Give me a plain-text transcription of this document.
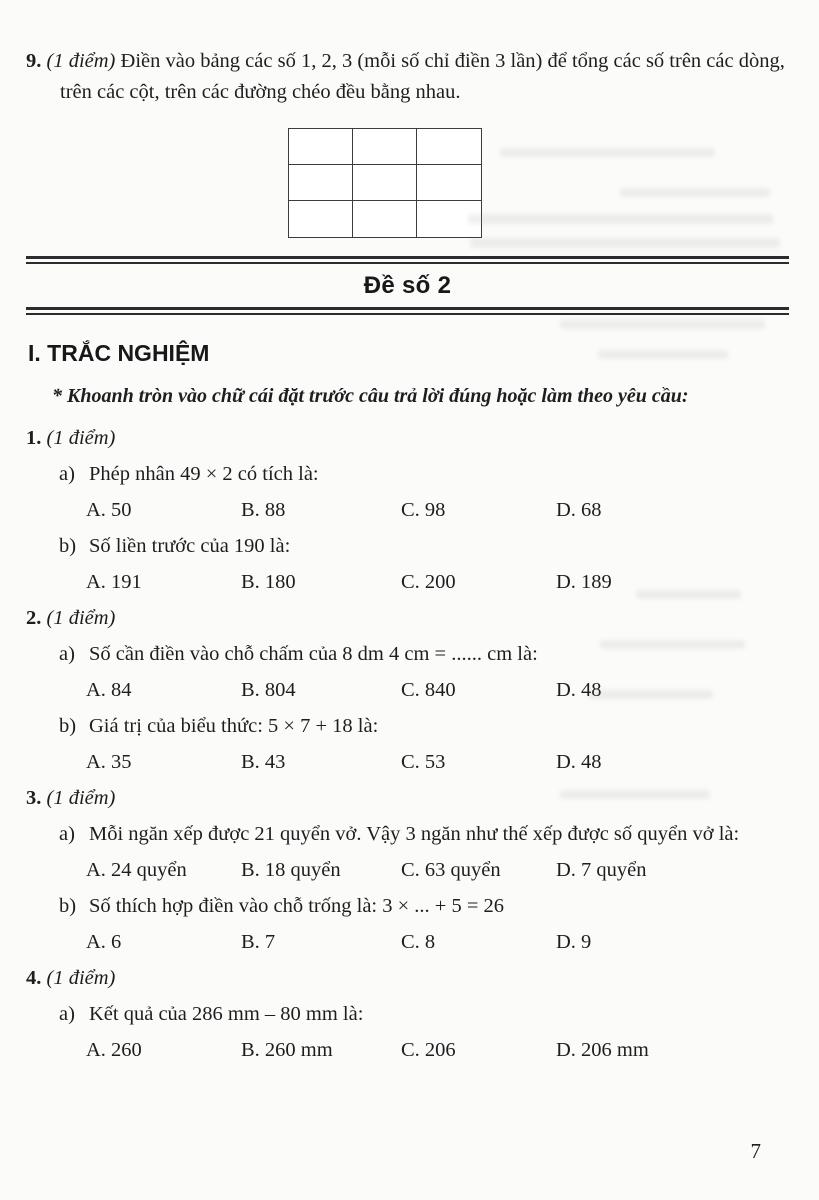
9. (1 điểm) Điền vào bảng các số 1, 2, 3 (mỗi số chỉ điền 3 lần) để tổng các số trên các dòng, trên các cột, trên các đường chéo đều bằng nhau.

Đề số 2
I. TRẮC NGHIỆM

* Khoanh tròn vào chữ cái đặt trước câu trả lời đúng hoặc làm theo yêu cầu:

1. (1 điểm)

a) Phép nhân 49 × 2 có tích là:
A. 50	B. 88	C. 98	D. 68
b) Số liền trước của 190 là:
A. 191	B. 180	C. 200	D. 189

2. (1 điểm)

a) Số cần điền vào chỗ chấm của 8 dm 4 cm = ...... cm là:
A. 84	B. 804	C. 840	D. 48
b) Giá trị của biểu thức: 5 × 7 + 18 là:
A. 35	B. 43	C. 53	D. 48

3. (1 điểm)

a) Mỗi ngăn xếp được 21 quyển vở. Vậy 3 ngăn như thế xếp được số quyển vở là:
A. 24 quyển	B. 18 quyển	C. 63 quyển	D. 7 quyển
b) Số thích hợp điền vào chỗ trống là: 3 × ... + 5 = 26
A. 6	B. 7	C. 8	D. 9

4. (1 điểm)

a) Kết quả của 286 mm – 80 mm là:
A. 260	B. 260 mm	C. 206	D. 206 mm
7
